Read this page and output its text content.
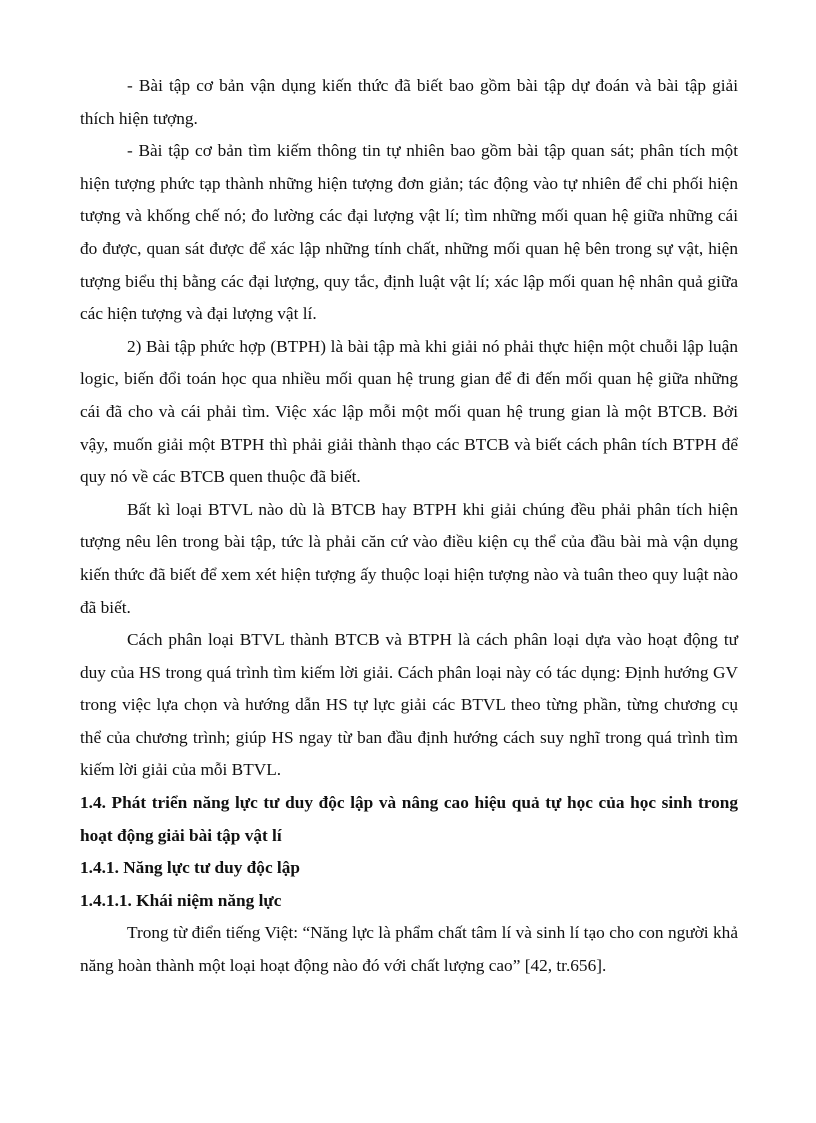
- Bài tập cơ bản vận dụng kiến thức đã biết bao gồm bài tập dự đoán và bài tập giải thích hiện tượng.

- Bài tập cơ bản tìm kiếm thông tin tự nhiên bao gồm bài tập quan sát; phân tích một hiện tượng phức tạp thành những hiện tượng đơn giản; tác động vào tự nhiên để chi phối hiện tượng và khống chế nó; đo lường các đại lượng vật lí; tìm những mối quan hệ giữa những cái đo được, quan sát được để xác lập những tính chất, những mối quan hệ bên trong sự vật, hiện tượng biểu thị bằng các đại lượng, quy tắc, định luật vật lí; xác lập mối quan hệ nhân quả giữa các hiện tượng và đại lượng vật lí.

2) Bài tập phức hợp (BTPH) là bài tập mà khi giải nó phải thực hiện một chuỗi lập luận logic, biến đổi toán học qua nhiều mối quan hệ trung gian để đi đến mối quan hệ giữa những cái đã cho và cái phải tìm. Việc xác lập mỗi một mối quan hệ trung gian là một BTCB. Bởi vậy, muốn giải một BTPH thì phải giải thành thạo các BTCB và biết cách phân tích BTPH để quy nó về các BTCB quen thuộc đã biết.

Bất kì loại BTVL nào dù là BTCB hay BTPH khi giải chúng đều phải phân tích hiện tượng nêu lên trong bài tập, tức là phải căn cứ vào điều kiện cụ thể của đầu bài mà vận dụng kiến thức đã biết để xem xét hiện tượng ấy thuộc loại hiện tượng nào và tuân theo quy luật nào đã biết.

Cách phân loại BTVL thành BTCB và BTPH là cách phân loại dựa vào hoạt động tư duy của HS trong quá trình tìm kiếm lời giải. Cách phân loại này có tác dụng: Định hướng GV trong việc lựa chọn và hướng dẫn HS tự lực giải các BTVL theo từng phần, từng chương cụ thể của chương trình; giúp HS ngay từ ban đầu định hướng cách suy nghĩ trong quá trình tìm kiếm lời giải của mỗi BTVL.

1.4. Phát triển năng lực tư duy độc lập và nâng cao hiệu quả tự học của học sinh trong hoạt động giải bài tập vật lí

1.4.1. Năng lực tư duy độc lập

1.4.1.1. Khái niệm năng lực

Trong từ điển tiếng Việt: “Năng lực là phẩm chất tâm lí và sinh lí tạo cho con người khả năng hoàn thành một loại hoạt động nào đó với chất lượng cao” [42, tr.656].
